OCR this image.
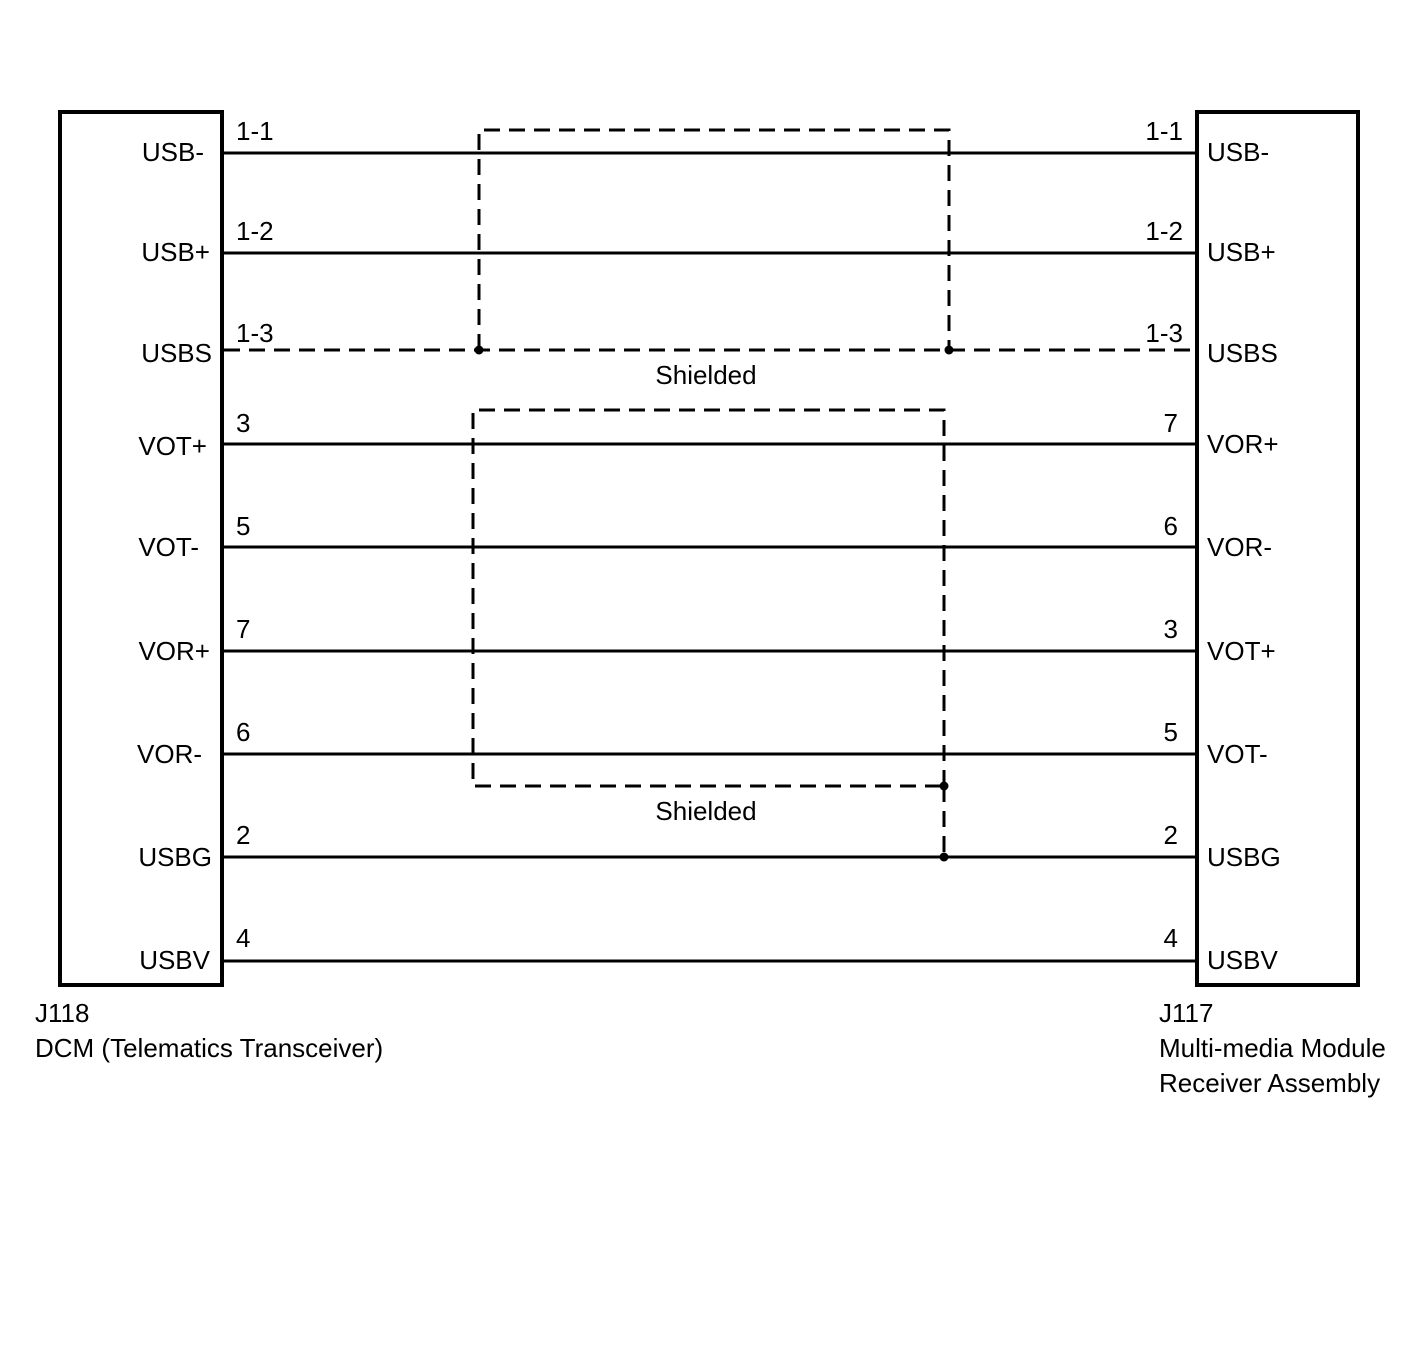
Shielded
Shielded
USB-
1-1	1-1
USB-
USB+
1-2	1-2
USB+
USBS
1-3	1-3
USBS
VOT+
3	7
VOR+
VOT-
5	6
VOR-
VOR+
7	3
VOT+
VOR-
6	5
VOT-
USBG
2	2
USBG
USBV
4	4
USBV
J118
DCM (Telematics Transceiver)
J117
Multi-media Module
Receiver Assembly
